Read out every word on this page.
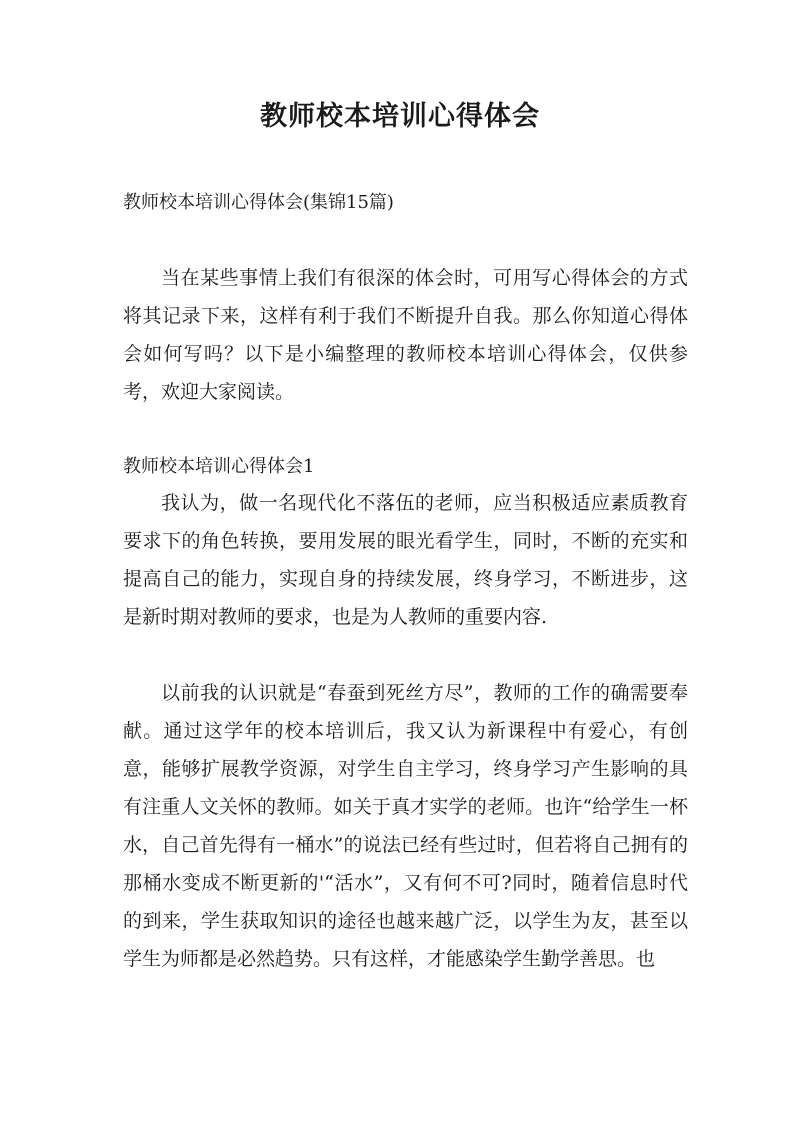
教师校本培训心得体会
教师校本培训心得体会(集锦15篇)

当在某些事情上我们有很深的体会时，可用写心得体会的方式将其记录下来，这样有利于我们不断提升自我。那么你知道心得体会如何写吗？以下是小编整理的教师校本培训心得体会，仅供参考，欢迎大家阅读。

教师校本培训心得体会1

我认为，做一名现代化不落伍的老师，应当积极适应素质教育要求下的角色转换，要用发展的眼光看学生，同时，不断的充实和提高自己的能力，实现自身的持续发展，终身学习，不断进步，这是新时期对教师的要求，也是为人教师的重要内容.

以前我的认识就是“春蚕到死丝方尽”，教师的工作的确需要奉献。通过这学年的校本培训后，我又认为新课程中有爱心，有创意，能够扩展教学资源，对学生自主学习，终身学习产生影响的具有注重人文关怀的教师。如关于真才实学的老师。也许“给学生一杯水，自己首先得有一桶水”的说法已经有些过时，但若将自己拥有的那桶水变成不断更新的'“活水”，又有何不可?同时，随着信息时代的到来，学生获取知识的途径也越来越广泛，以学生为友，甚至以学生为师都是必然趋势。只有这样，才能感染学生勤学善思。也
